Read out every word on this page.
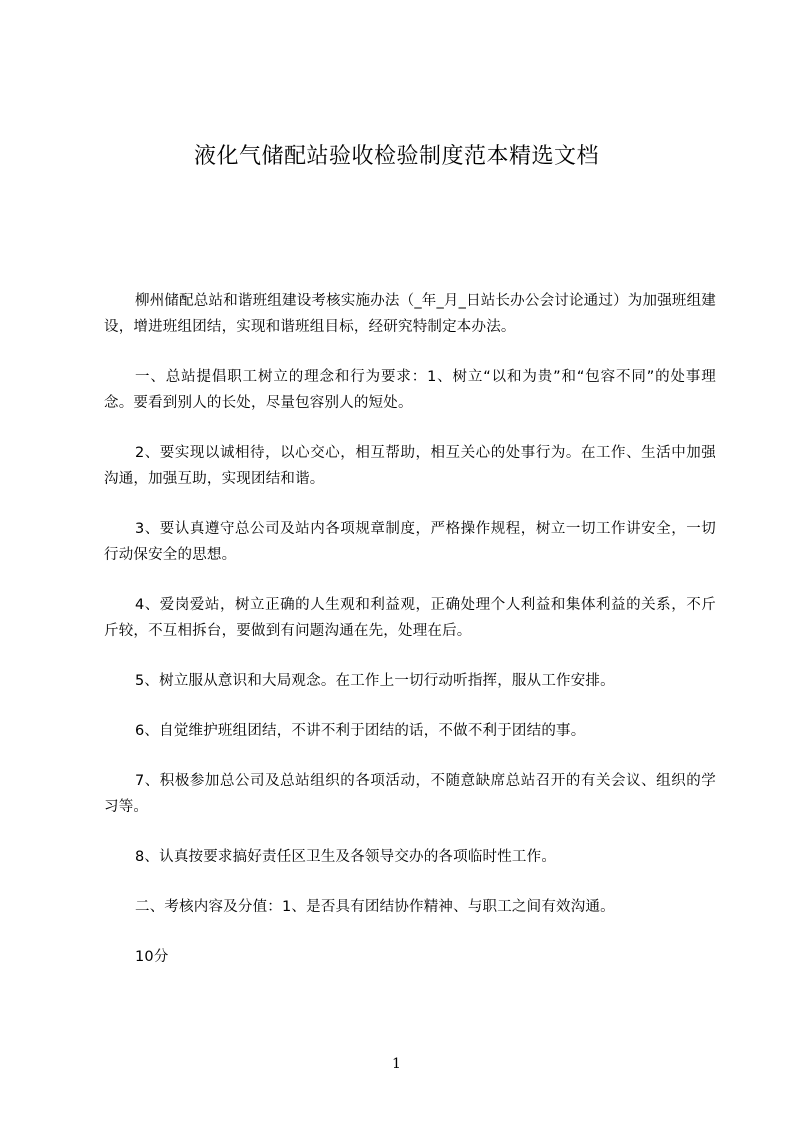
液化气储配站验收检验制度范本精选文档

柳州储配总站和谐班组建设考核实施办法（_年_月_日站长办公会讨论通过）为加强班组建设，增进班组团结，实现和谐班组目标，经研究特制定本办法。

一、总站提倡职工树立的理念和行为要求：1、树立“以和为贵”和“包容不同”的处事理念。要看到别人的长处，尽量包容别人的短处。

2、要实现以诚相待，以心交心，相互帮助，相互关心的处事行为。在工作、生活中加强沟通，加强互助，实现团结和谐。

3、要认真遵守总公司及站内各项规章制度，严格操作规程，树立一切工作讲安全，一切行动保安全的思想。

4、爱岗爱站，树立正确的人生观和利益观，正确处理个人利益和集体利益的关系，不斤斤较，不互相拆台，要做到有问题沟通在先，处理在后。

5、树立服从意识和大局观念。在工作上一切行动听指挥，服从工作安排。

6、自觉维护班组团结，不讲不利于团结的话，不做不利于团结的事。

7、积极参加总公司及总站组织的各项活动，不随意缺席总站召开的有关会议、组织的学习等。

8、认真按要求搞好责任区卫生及各领导交办的各项临时性工作。

二、考核内容及分值：1、是否具有团结协作精神、与职工之间有效沟通。

10分

1
